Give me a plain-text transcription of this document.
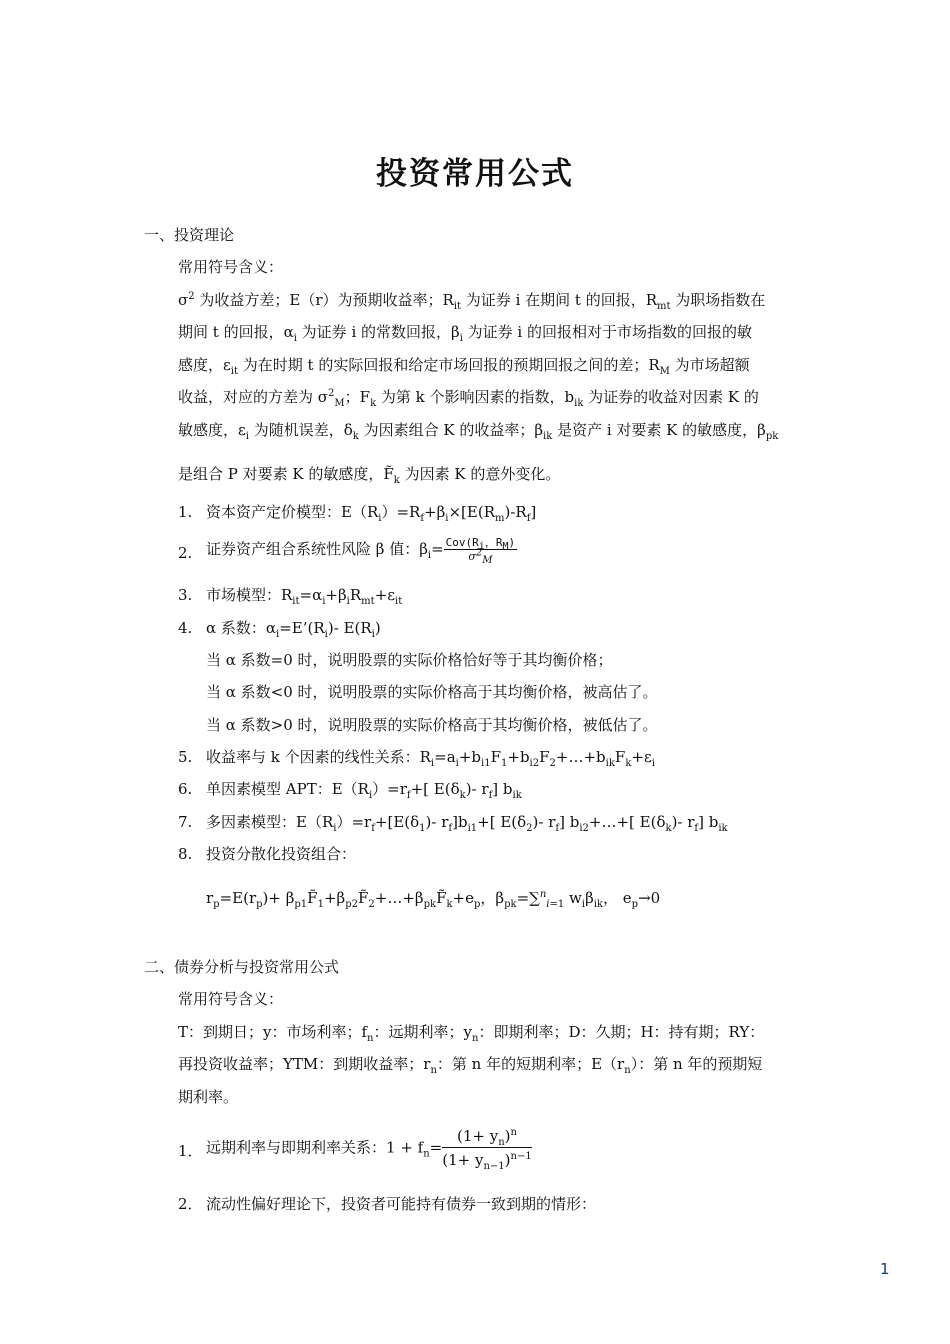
投资常用公式
一、投资理论
常用符号含义：
$\sigma^2$ 为收益方差；E（r）为预期收益率；$R_{it}$ 为证券 i 在期间 t 的回报，$R_{mt}$ 为职场指数在
期间 t 的回报，$\alpha_i$ 为证券 i 的常数回报，$\beta_i$ 为证券 i 的回报相对于市场指数的回报的敏
感度，$\varepsilon_{it}$ 为在时期 t 的实际回报和给定市场回报的预期回报之间的差；$R_M$ 为市场超额
收益，对应的方差为 $\sigma^2_M$；$F_k$ 为第 k 个影响因素的指数，$b_{ik}$ 为证券的收益对因素 K 的
敏感度，$\varepsilon_i$ 为随机误差，$\delta_k$ 为因素组合 K 的收益率；$\beta_{ik}$ 是资产 i 对要素 K 的敏感度，$\beta_{pk}$
是组合 P 对要素 K 的敏感度，$F̃_k$ 为因素 K 的意外变化。
1. 资本资产定价模型：$E(R_i)=R_f+\beta_i\times[E(R_m)-R_f]$
2. 证券资产组合系统性风险 β 值：$\beta_i= \frac{Cov(R_i,R_M)}{\sigma^2_M}$
3. 市场模型：$R_{it}=\alpha_i+\beta_iR_{mt}+\varepsilon_{it}$
4. α 系数：$\alpha_i=E’(R_i)-$ $E(R_i)$
当 α 系数=0 时，说明股票的实际价格恰好等于其均衡价格；
当 α 系数<0 时，说明股票的实际价格高于其均衡价格，被高估了。
当 α 系数>0 时，说明股票的实际价格高于其均衡价格，被低估了。
5. 收益率与 k 个因素的线性关系：$R_i=a_i+b_{i1}F_1+b_{i2}F_2+\dots+b_{ik}F_k+\varepsilon_i$
6. 单因素模型 APT：$E(R_i)=r_f+$[ $E(\delta_k)-$ $r_f$] $b_{ik}$
7. 多因素模型：$E(R_i)=r_f+[E(\delta_1)-$ $r_f]b_{i1}+$[ $E(\delta_2)-$ $r_f$] $b_{i2}+\dots+$[ $E(\delta_k)-$ $r_f$] $b_{ik}$
8. 投资分散化投资组合：
$r_p=E(r_p)+$ $\beta_{p1}F̃_1+\beta_{p2}F̃_2+\dots+\beta_{pk}F̃_k+e_p$，$\beta_{pk}=\sum^n_{i=1}$ $w_i\beta_{ik}$， $e_p\to 0$
二、债券分析与投资常用公式
常用符号含义：
T：到期日；y：市场利率；$f_n$：远期利率；$y_n$：即期利率；D：久期；H：持有期；RY：
再投资收益率；YTM：到期收益率；$r_n$：第 n 年的短期利率；$E(r_n)$：第 n 年的预期短
期利率。
1． 远期利率与即期利率关系：$1 + f_n= \frac{(1+ y_n)^n}{(1+ y_{n-1})^{n-1}}$
2． 流动性偏好理论下，投资者可能持有债券一致到期的情形：
1
